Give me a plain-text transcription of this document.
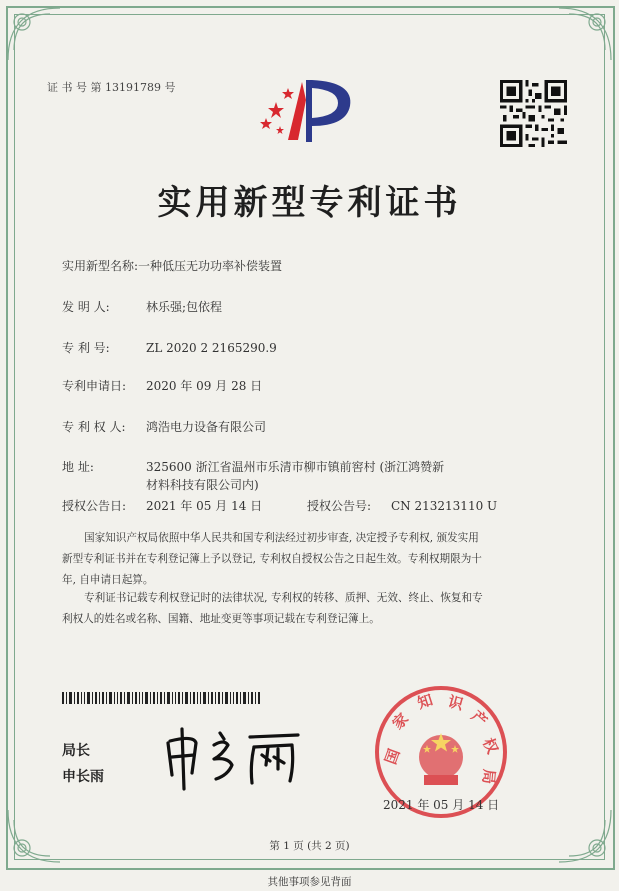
证 书 号 第 13191789 号
实用新型专利证书
实用新型名称:一种低压无功功率补偿装置
发 明 人:	林乐强;包依程
专 利 号:	ZL 2020 2 2165290.9
专利申请日: 2020 年 09 月 28 日
专 利 权 人: 鸿浩电力设备有限公司
地 址:	325600 浙江省温州市乐清市柳市镇前窖村 (浙江鸿赞新
材料科技有限公司内)
授权公告日: 2021 年 05 月 14 日	授权公告号: CN 213213110 U
国家知识产权局依照中华人民共和国专利法经过初步审查, 决定授予专利权, 颁发实用
新型专利证书并在专利登记簿上予以登记, 专利权自授权公告之日起生效。专利权期限为十
年, 自申请日起算。
专利证书记载专利权登记时的法律状况, 专利权的转移、质押、无效、终止、恢复和专
利权人的姓名或名称、国籍、地址变更等事项记载在专利登记簿上。
局长
申长雨
国
家
知 识
产
权
局
2021 年 05 月 14 日
第 1 页 (共 2 页)
其他事项参见背面
